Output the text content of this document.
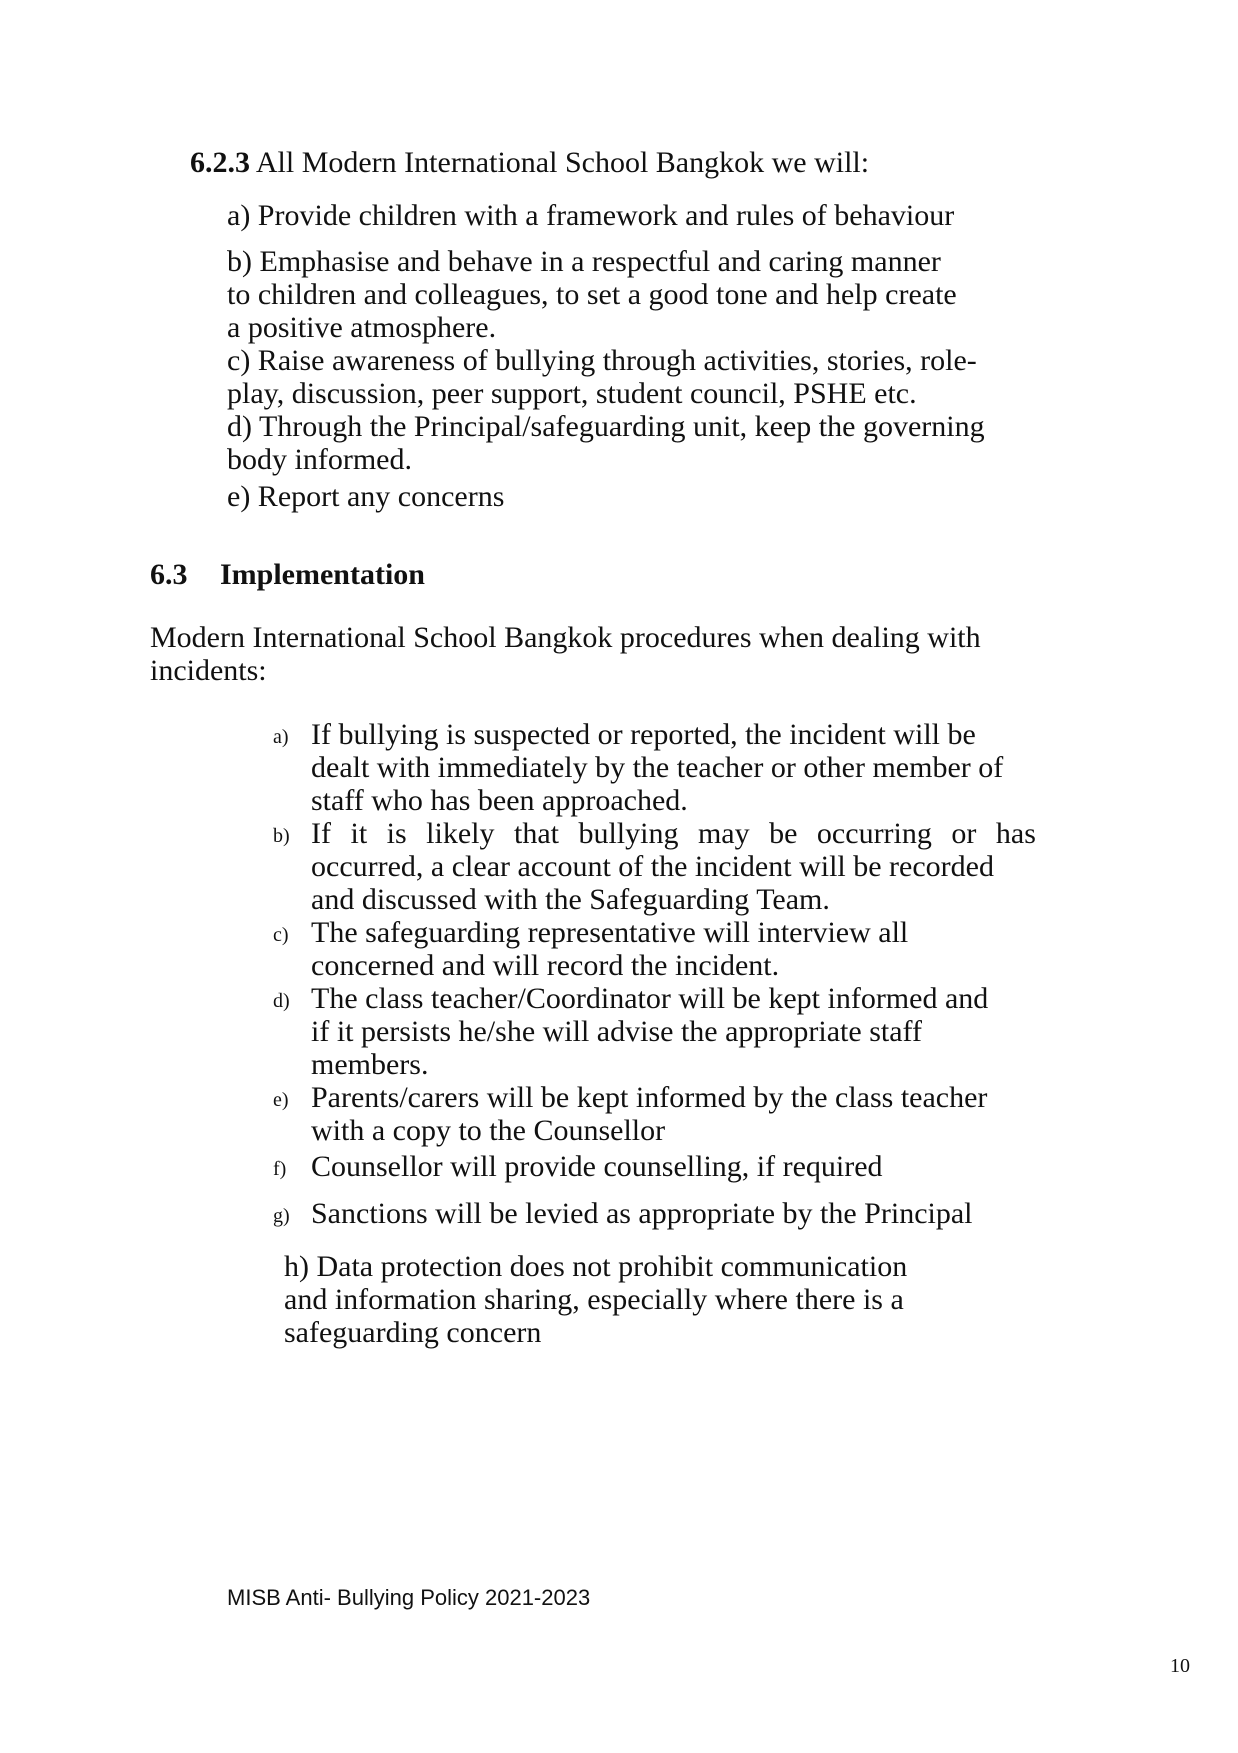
6.2.3 All Modern International School Bangkok we will:

a) Provide children with a framework and rules of behaviour

b) Emphasise and behave in a respectful and caring manner

to children and colleagues, to set a good tone and help create

a positive atmosphere.

c) Raise awareness of bullying through activities, stories, role-

play, discussion, peer support, student council, PSHE etc.

d) Through the Principal/safeguarding unit, keep the governing

body informed.

e) Report any concerns

6.3 Implementation

Modern International School Bangkok procedures when dealing with

incidents:

a) If bullying is suspected or reported, the incident will be

dealt with immediately by the teacher or other member of

staff who has been approached.

b) If it is likely that bullying may be occurring or has

occurred, a clear account of the incident will be recorded

and discussed with the Safeguarding Team.

c) The safeguarding representative will interview all

concerned and will record the incident.

d) The class teacher/Coordinator will be kept informed and

if it persists he/she will advise the appropriate staff

members.

e) Parents/carers will be kept informed by the class teacher

with a copy to the Counsellor

f) Counsellor will provide counselling, if required

g) Sanctions will be levied as appropriate by the Principal

h) Data protection does not prohibit communication

and information sharing, especially where there is a

safeguarding concern

MISB Anti- Bullying Policy 2021-2023
10
